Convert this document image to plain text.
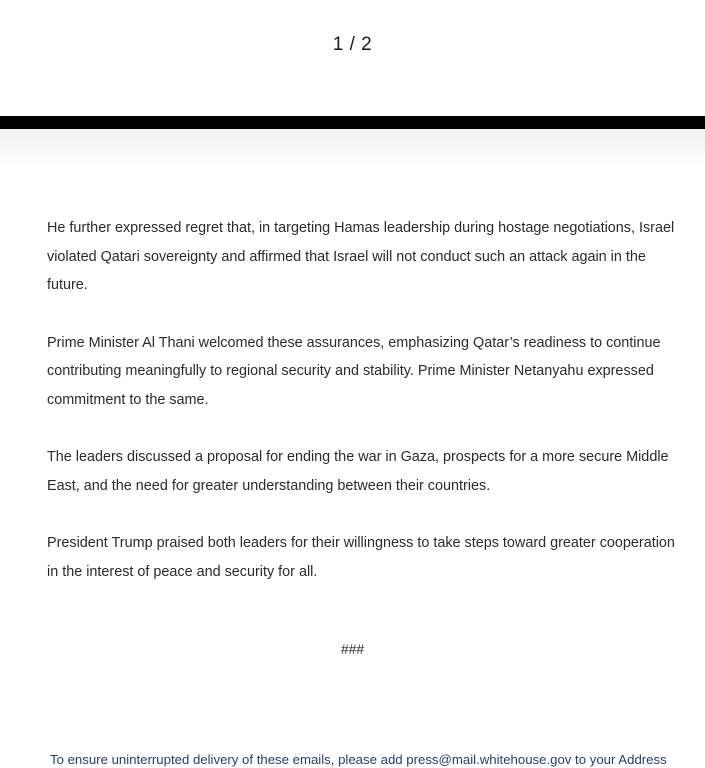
1 / 2

He further expressed regret that, in targeting Hamas leadership during hostage negotiations, Israel violated Qatari sovereignty and affirmed that Israel will not conduct such an attack again in the future.

Prime Minister Al Thani welcomed these assurances, emphasizing Qatar’s readiness to continue contributing meaningfully to regional security and stability. Prime Minister Netanyahu expressed commitment to the same.

The leaders discussed a proposal for ending the war in Gaza, prospects for a more secure Middle East, and the need for greater understanding between their countries.

President Trump praised both leaders for their willingness to take steps toward greater cooperation in the interest of peace and security for all.

###
To ensure uninterrupted delivery of these emails, please add press@mail.whitehouse.gov to your Address
